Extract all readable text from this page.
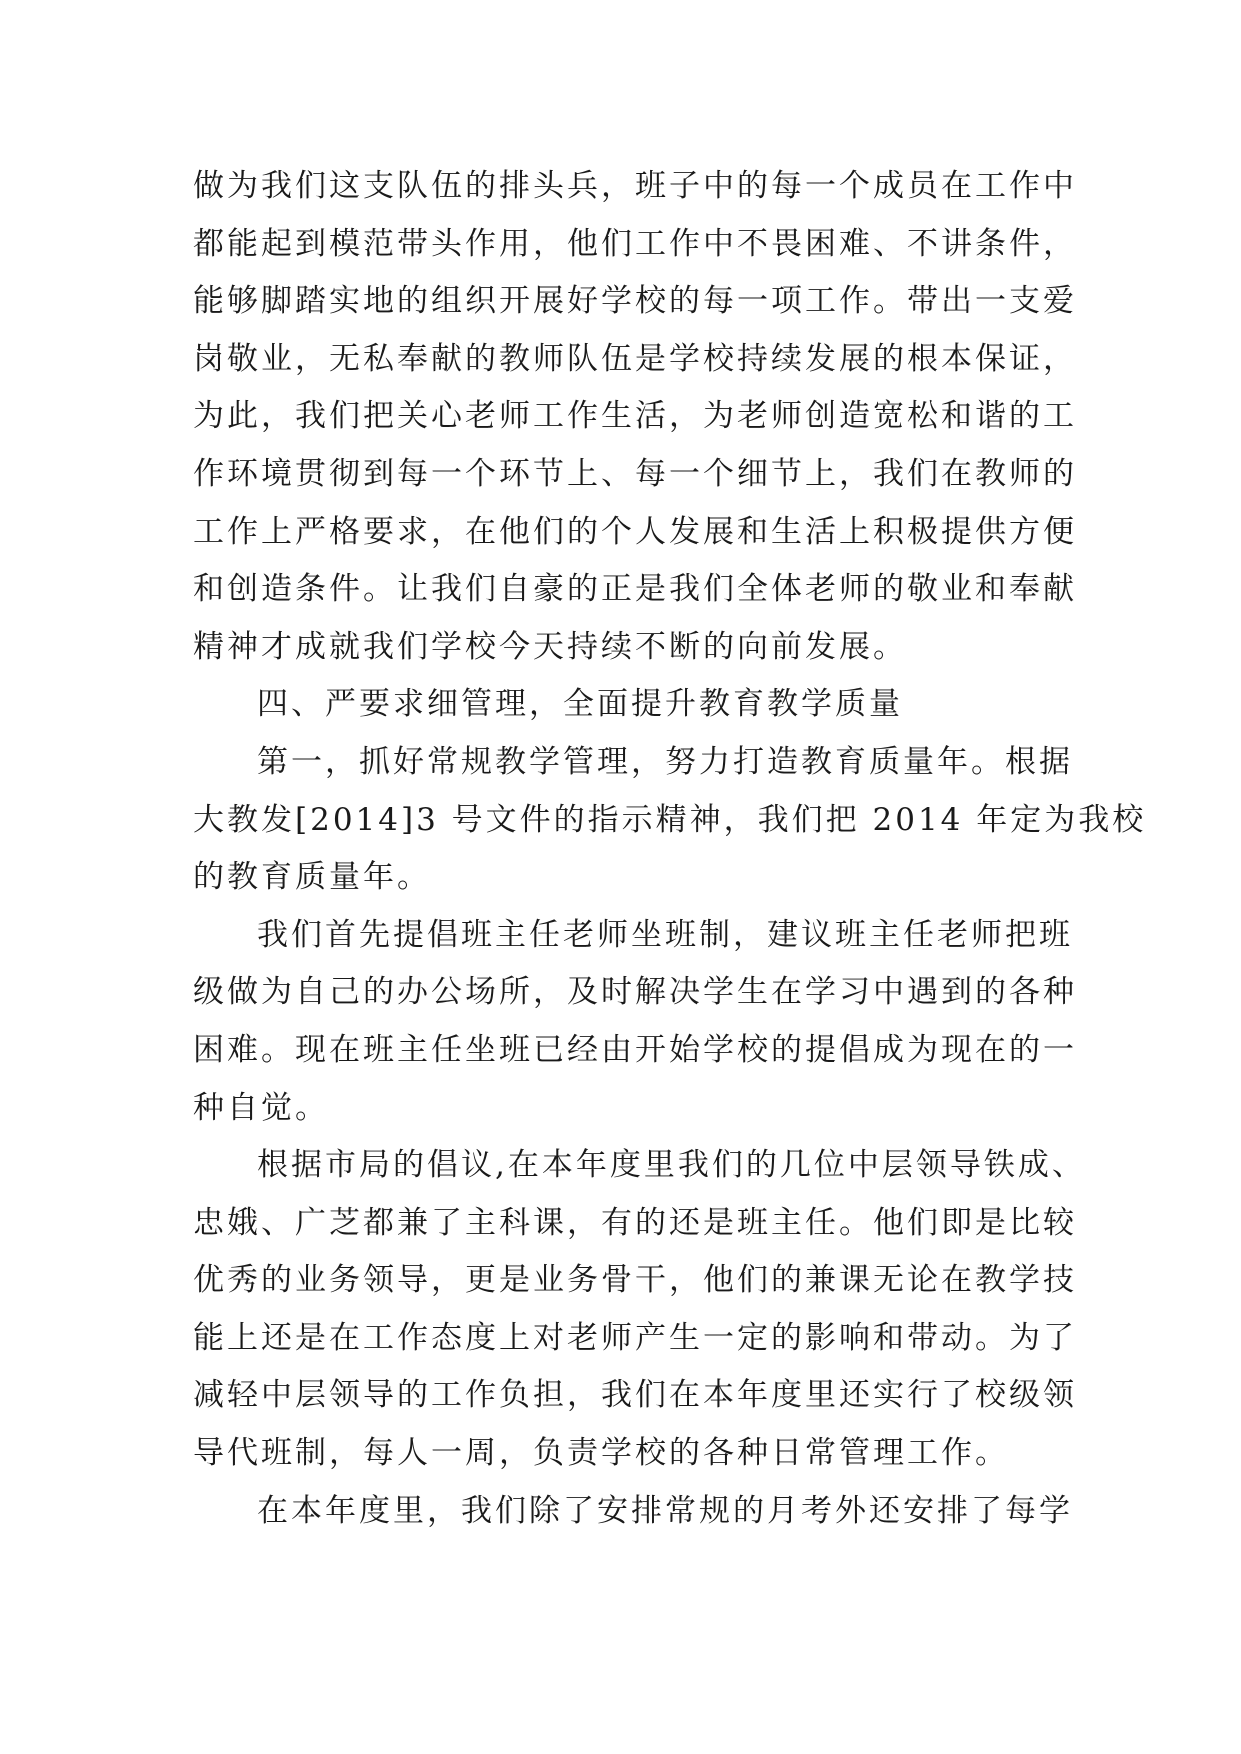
做为我们这支队伍的排头兵，班子中的每一个成员在工作中
都能起到模范带头作用，他们工作中不畏困难、不讲条件，
能够脚踏实地的组织开展好学校的每一项工作。带出一支爱
岗敬业，无私奉献的教师队伍是学校持续发展的根本保证，
为此，我们把关心老师工作生活，为老师创造宽松和谐的工
作环境贯彻到每一个环节上、每一个细节上，我们在教师的
工作上严格要求，在他们的个人发展和生活上积极提供方便
和创造条件。让我们自豪的正是我们全体老师的敬业和奉献
精神才成就我们学校今天持续不断的向前发展。
四、严要求细管理，全面提升教育教学质量
第一，抓好常规教学管理，努力打造教育质量年。根据
大教发[2014]3 号文件的指示精神，我们把 2014 年定为我校
的教育质量年。
我们首先提倡班主任老师坐班制，建议班主任老师把班
级做为自己的办公场所，及时解决学生在学习中遇到的各种
困难。现在班主任坐班已经由开始学校的提倡成为现在的一
种自觉。
根据市局的倡议,在本年度里我们的几位中层领导铁成、
忠娥、广芝都兼了主科课，有的还是班主任。他们即是比较
优秀的业务领导，更是业务骨干，他们的兼课无论在教学技
能上还是在工作态度上对老师产生一定的影响和带动。为了
减轻中层领导的工作负担，我们在本年度里还实行了校级领
导代班制，每人一周，负责学校的各种日常管理工作。
在本年度里，我们除了安排常规的月考外还安排了每学
